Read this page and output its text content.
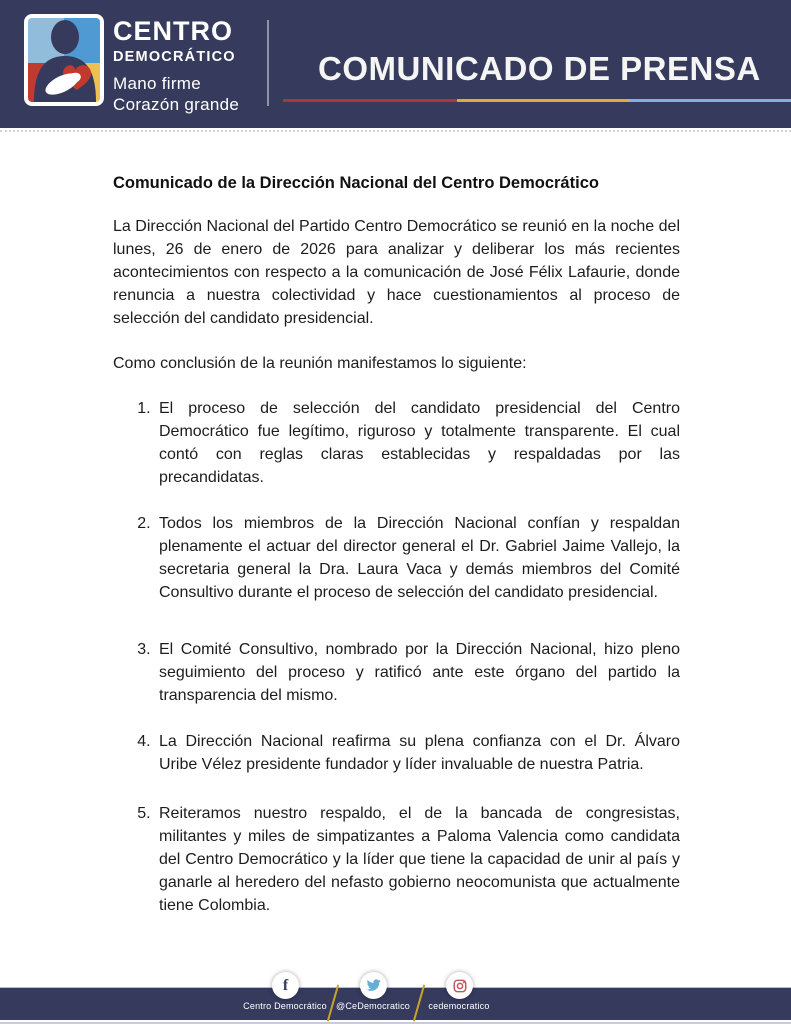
CENTRO
DEMOCRÁTICO
Mano firme
Corazón grande
COMUNICADO DE PRENSA
Comunicado de la Dirección Nacional del Centro Democrático

La Dirección Nacional del Partido Centro Democrático se reunió en la noche del lunes, 26 de enero de 2026 para analizar y deliberar los más recientes acontecimientos con respecto a la comunicación de José Félix Lafaurie, donde renuncia a nuestra colectividad y hace cuestionamientos al proceso de selección del candidato presidencial.

Como conclusión de la reunión manifestamos lo siguiente:

1. El proceso de selección del candidato presidencial del Centro Democrático fue legítimo, riguroso y totalmente transparente. El cual contó con reglas claras establecidas y respaldadas por las precandidatas.
2. Todos los miembros de la Dirección Nacional confían y respaldan plenamente el actuar del director general el Dr. Gabriel Jaime Vallejo, la secretaria general la Dra. Laura Vaca y demás miembros del Comité Consultivo durante el proceso de selección del candidato presidencial.
3. El Comité Consultivo, nombrado por la Dirección Nacional, hizo pleno seguimiento del proceso y ratificó ante este órgano del partido la transparencia del mismo.
4. La Dirección Nacional reafirma su plena confianza con el Dr. Álvaro Uribe Vélez presidente fundador y líder invaluable de nuestra Patria.
5. Reiteramos nuestro respaldo, el de la bancada de congresistas, militantes y miles de simpatizantes a Paloma Valencia como candidata del Centro Democrático y la líder que tiene la capacidad de unir al país y ganarle al heredero del nefasto gobierno neocomunista que actualmente tiene Colombia.
f
Centro Democrático	@CeDemocratico	cedemocratico
